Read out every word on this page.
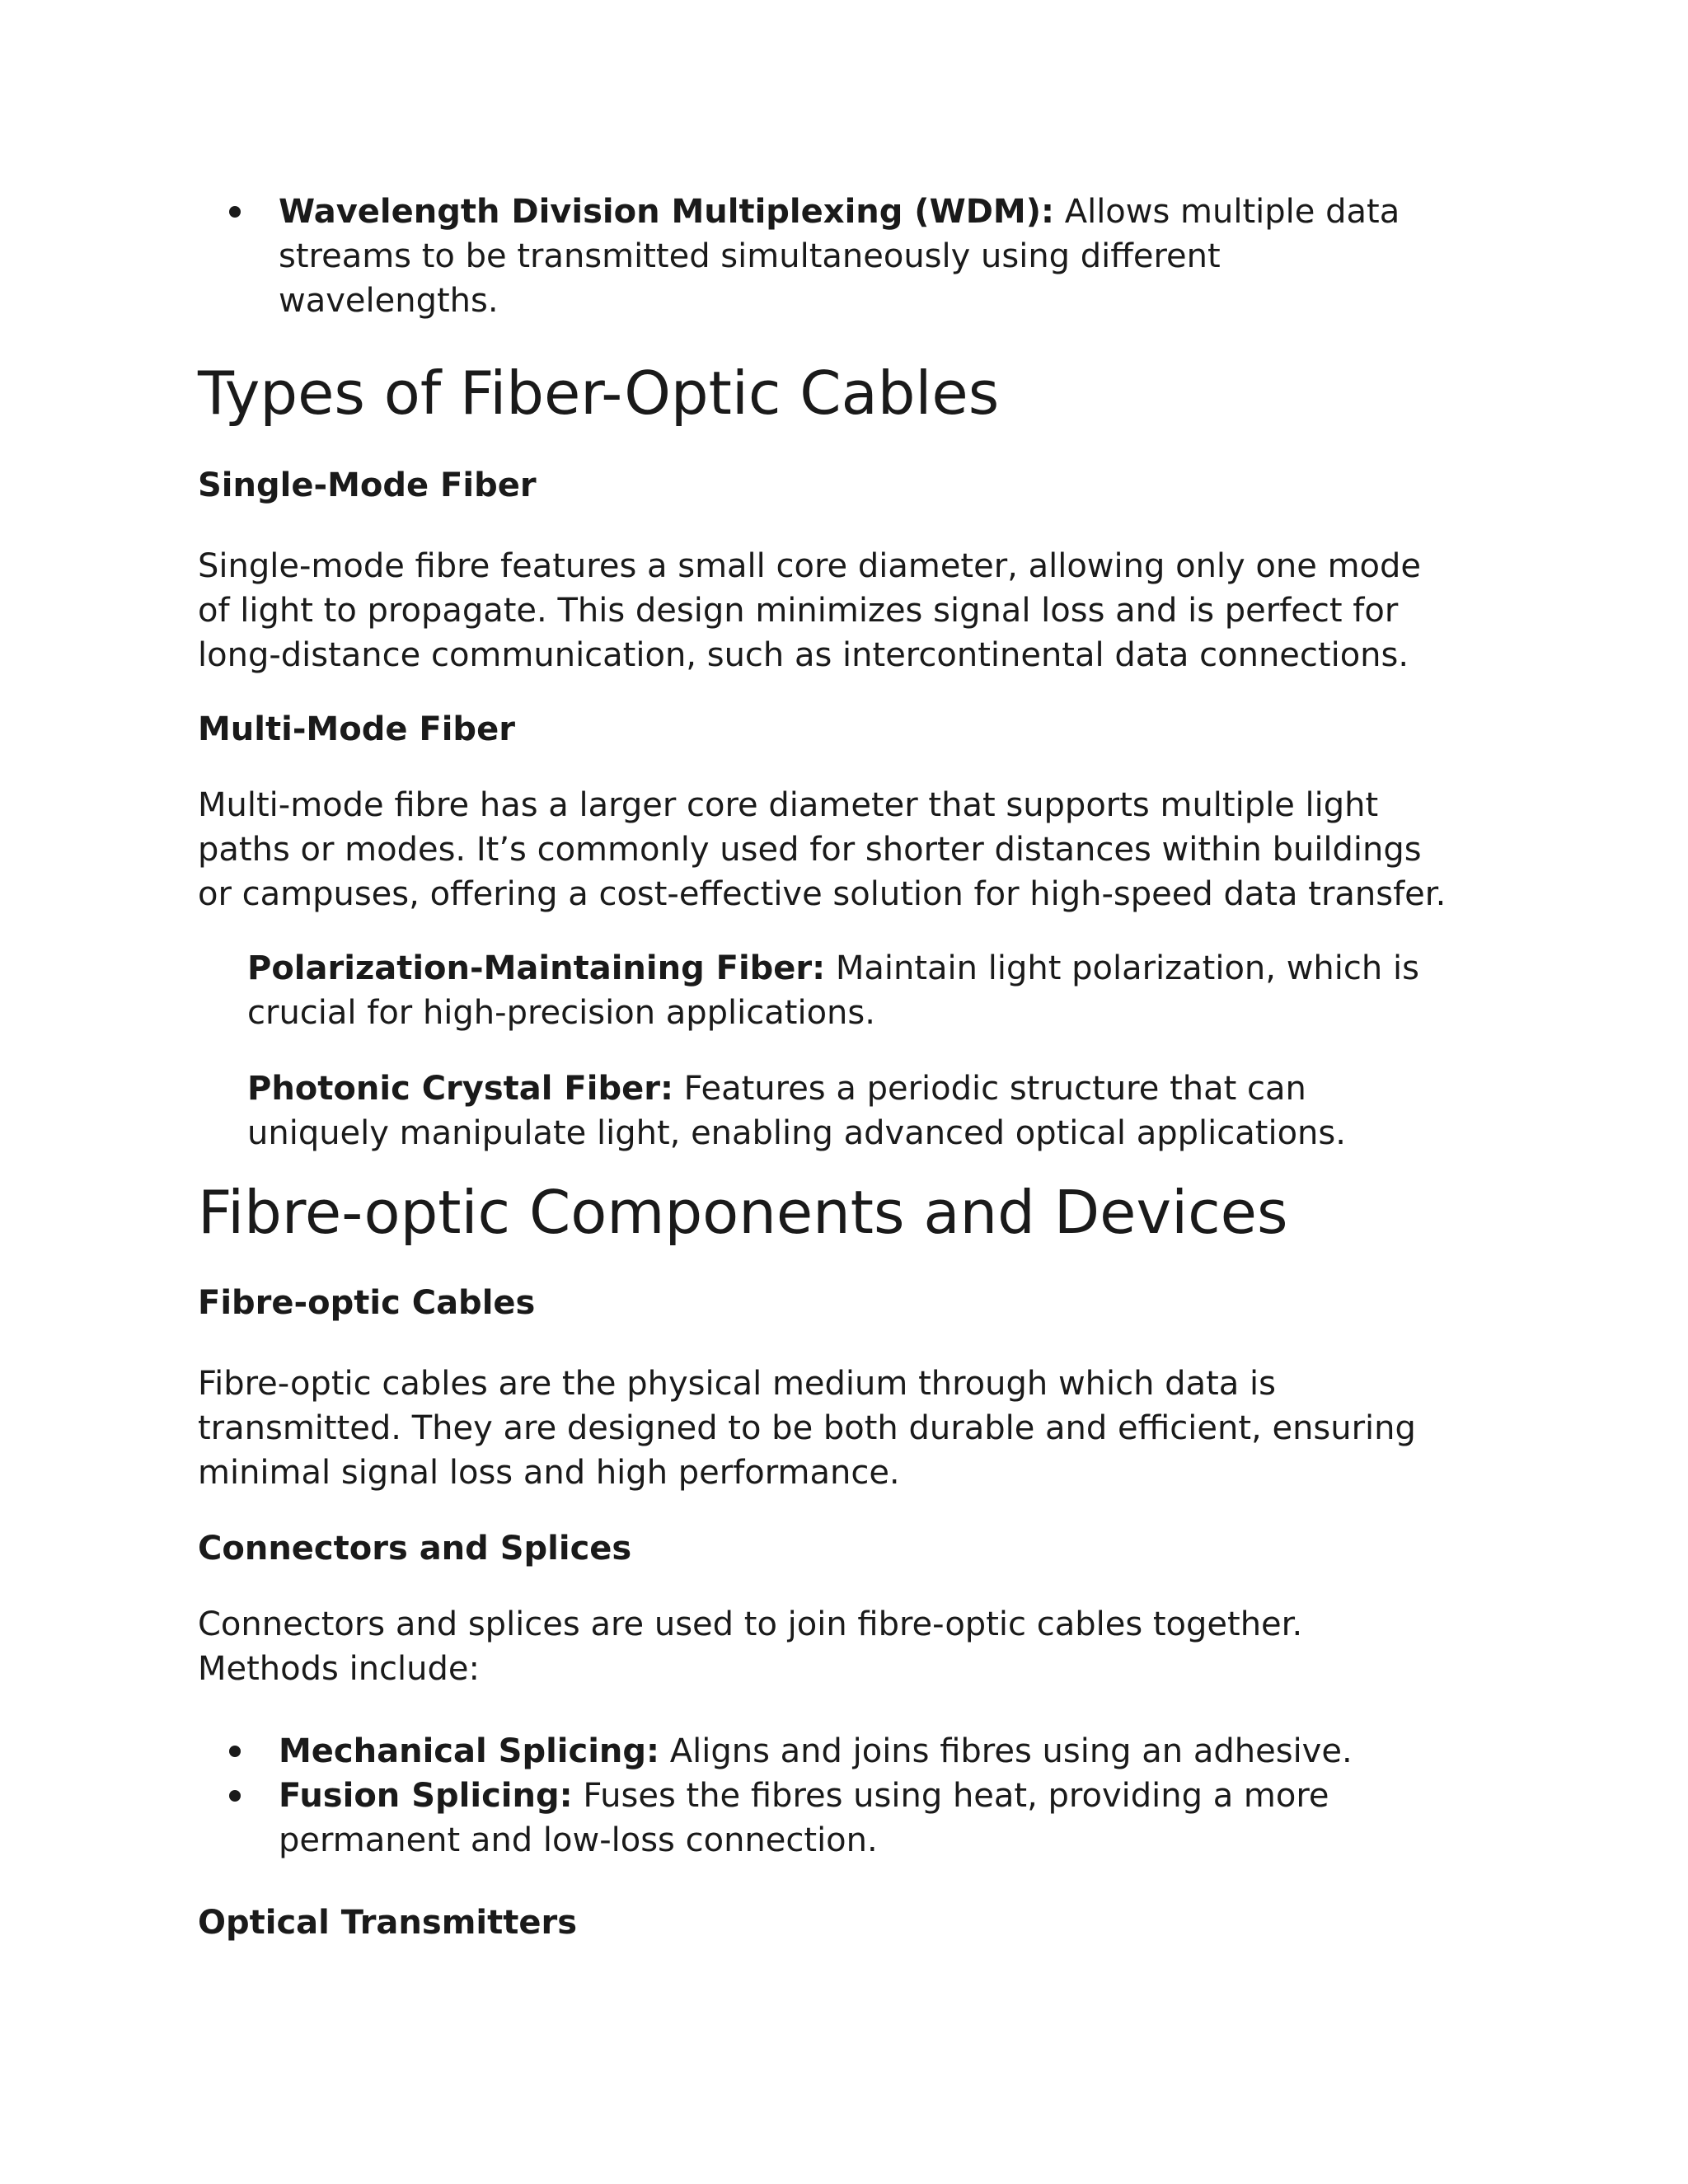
Wavelength Division Multiplexing (WDM): Allows multiple data streams to be transmitted simultaneously using different wavelengths.
Types of Fiber-Optic Cables
Single-Mode Fiber

Single-mode fibre features a small core diameter, allowing only one mode of light to propagate. This design minimizes signal loss and is perfect for long-distance communication, such as intercontinental data connections.

Multi-Mode Fiber

Multi-mode fibre has a larger core diameter that supports multiple light paths or modes. It’s commonly used for shorter distances within buildings or campuses, offering a cost-effective solution for high-speed data transfer.

Polarization-Maintaining Fiber: Maintain light polarization, which is crucial for high-precision applications.

Photonic Crystal Fiber: Features a periodic structure that can uniquely manipulate light, enabling advanced optical applications.

Fibre-optic Components and Devices
Fibre-optic Cables

Fibre-optic cables are the physical medium through which data is transmitted. They are designed to be both durable and efficient, ensuring minimal signal loss and high performance.

Connectors and Splices

Connectors and splices are used to join fibre-optic cables together. Methods include:

Mechanical Splicing: Aligns and joins fibres using an adhesive.
Fusion Splicing: Fuses the fibres using heat, providing a more permanent and low-loss connection.
Optical Transmitters
